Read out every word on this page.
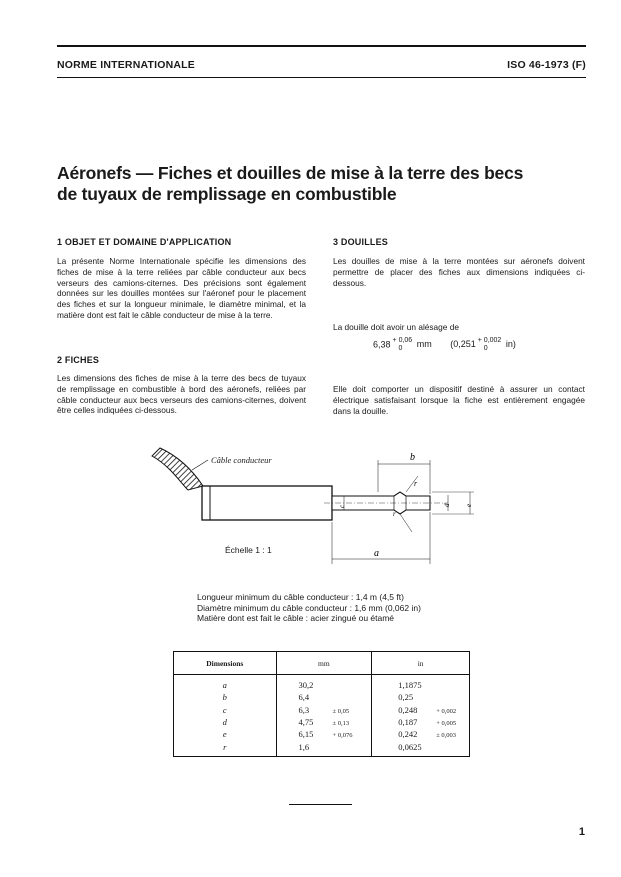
NORME INTERNATIONALE	ISO 46-1973 (F)
Aéronefs — Fiches et douilles de mise à la terre des becs
de tuyaux de remplissage en combustible
1 OBJET ET DOMAINE D'APPLICATION
La présente Norme Internationale spécifie les dimensions des fiches de mise à la terre reliées par câble conducteur aux becs verseurs des camions-citernes. Des précisions sont également données sur les douilles montées sur l'aéronef pour le placement des fiches et sur la longueur minimale, le diamètre minimal, et la matière dont est fait le câble conducteur de mise à la terre.
2 FICHES
Les dimensions des fiches de mise à la terre des becs de tuyaux de remplissage en combustible à bord des aéronefs, reliées par câble conducteur aux becs verseurs des camions-citernes, doivent être celles indiquées ci-dessous.
3 DOUILLES
Les douilles de mise à la terre montées sur aéronefs doivent permettre de placer des fiches aux dimensions indiquées ci-dessous.
La douille doit avoir un alésage de
6,38 + 0,06
0	mm (0,251 + 0,002
0	in)
Elle doit comporter un dispositif destiné à assurer un contact électrique satisfaisant lorsque la fiche est entièrement engagée dans la douille.
b
a
c	d e
r
r
Câble conducteur
Échelle 1 : 1
Longueur minimum du câble conducteur : 1,4 m (4,5 ft)
Diamètre minimum du câble conducteur : 1,6 mm (0,062 in)
Matière dont est fait le câble : acier zingué ou étamé
Dimensions	mm	in
a	30,2	1,1875
b	6,4	0,25
c	6,3 ± 0,05	0,248 + 0,002
d	4,75 ± 0,13	0,187 + 0,005
e	6,15 + 0,076	0,242 ± 0,003
r	1,6	0,0625
1
